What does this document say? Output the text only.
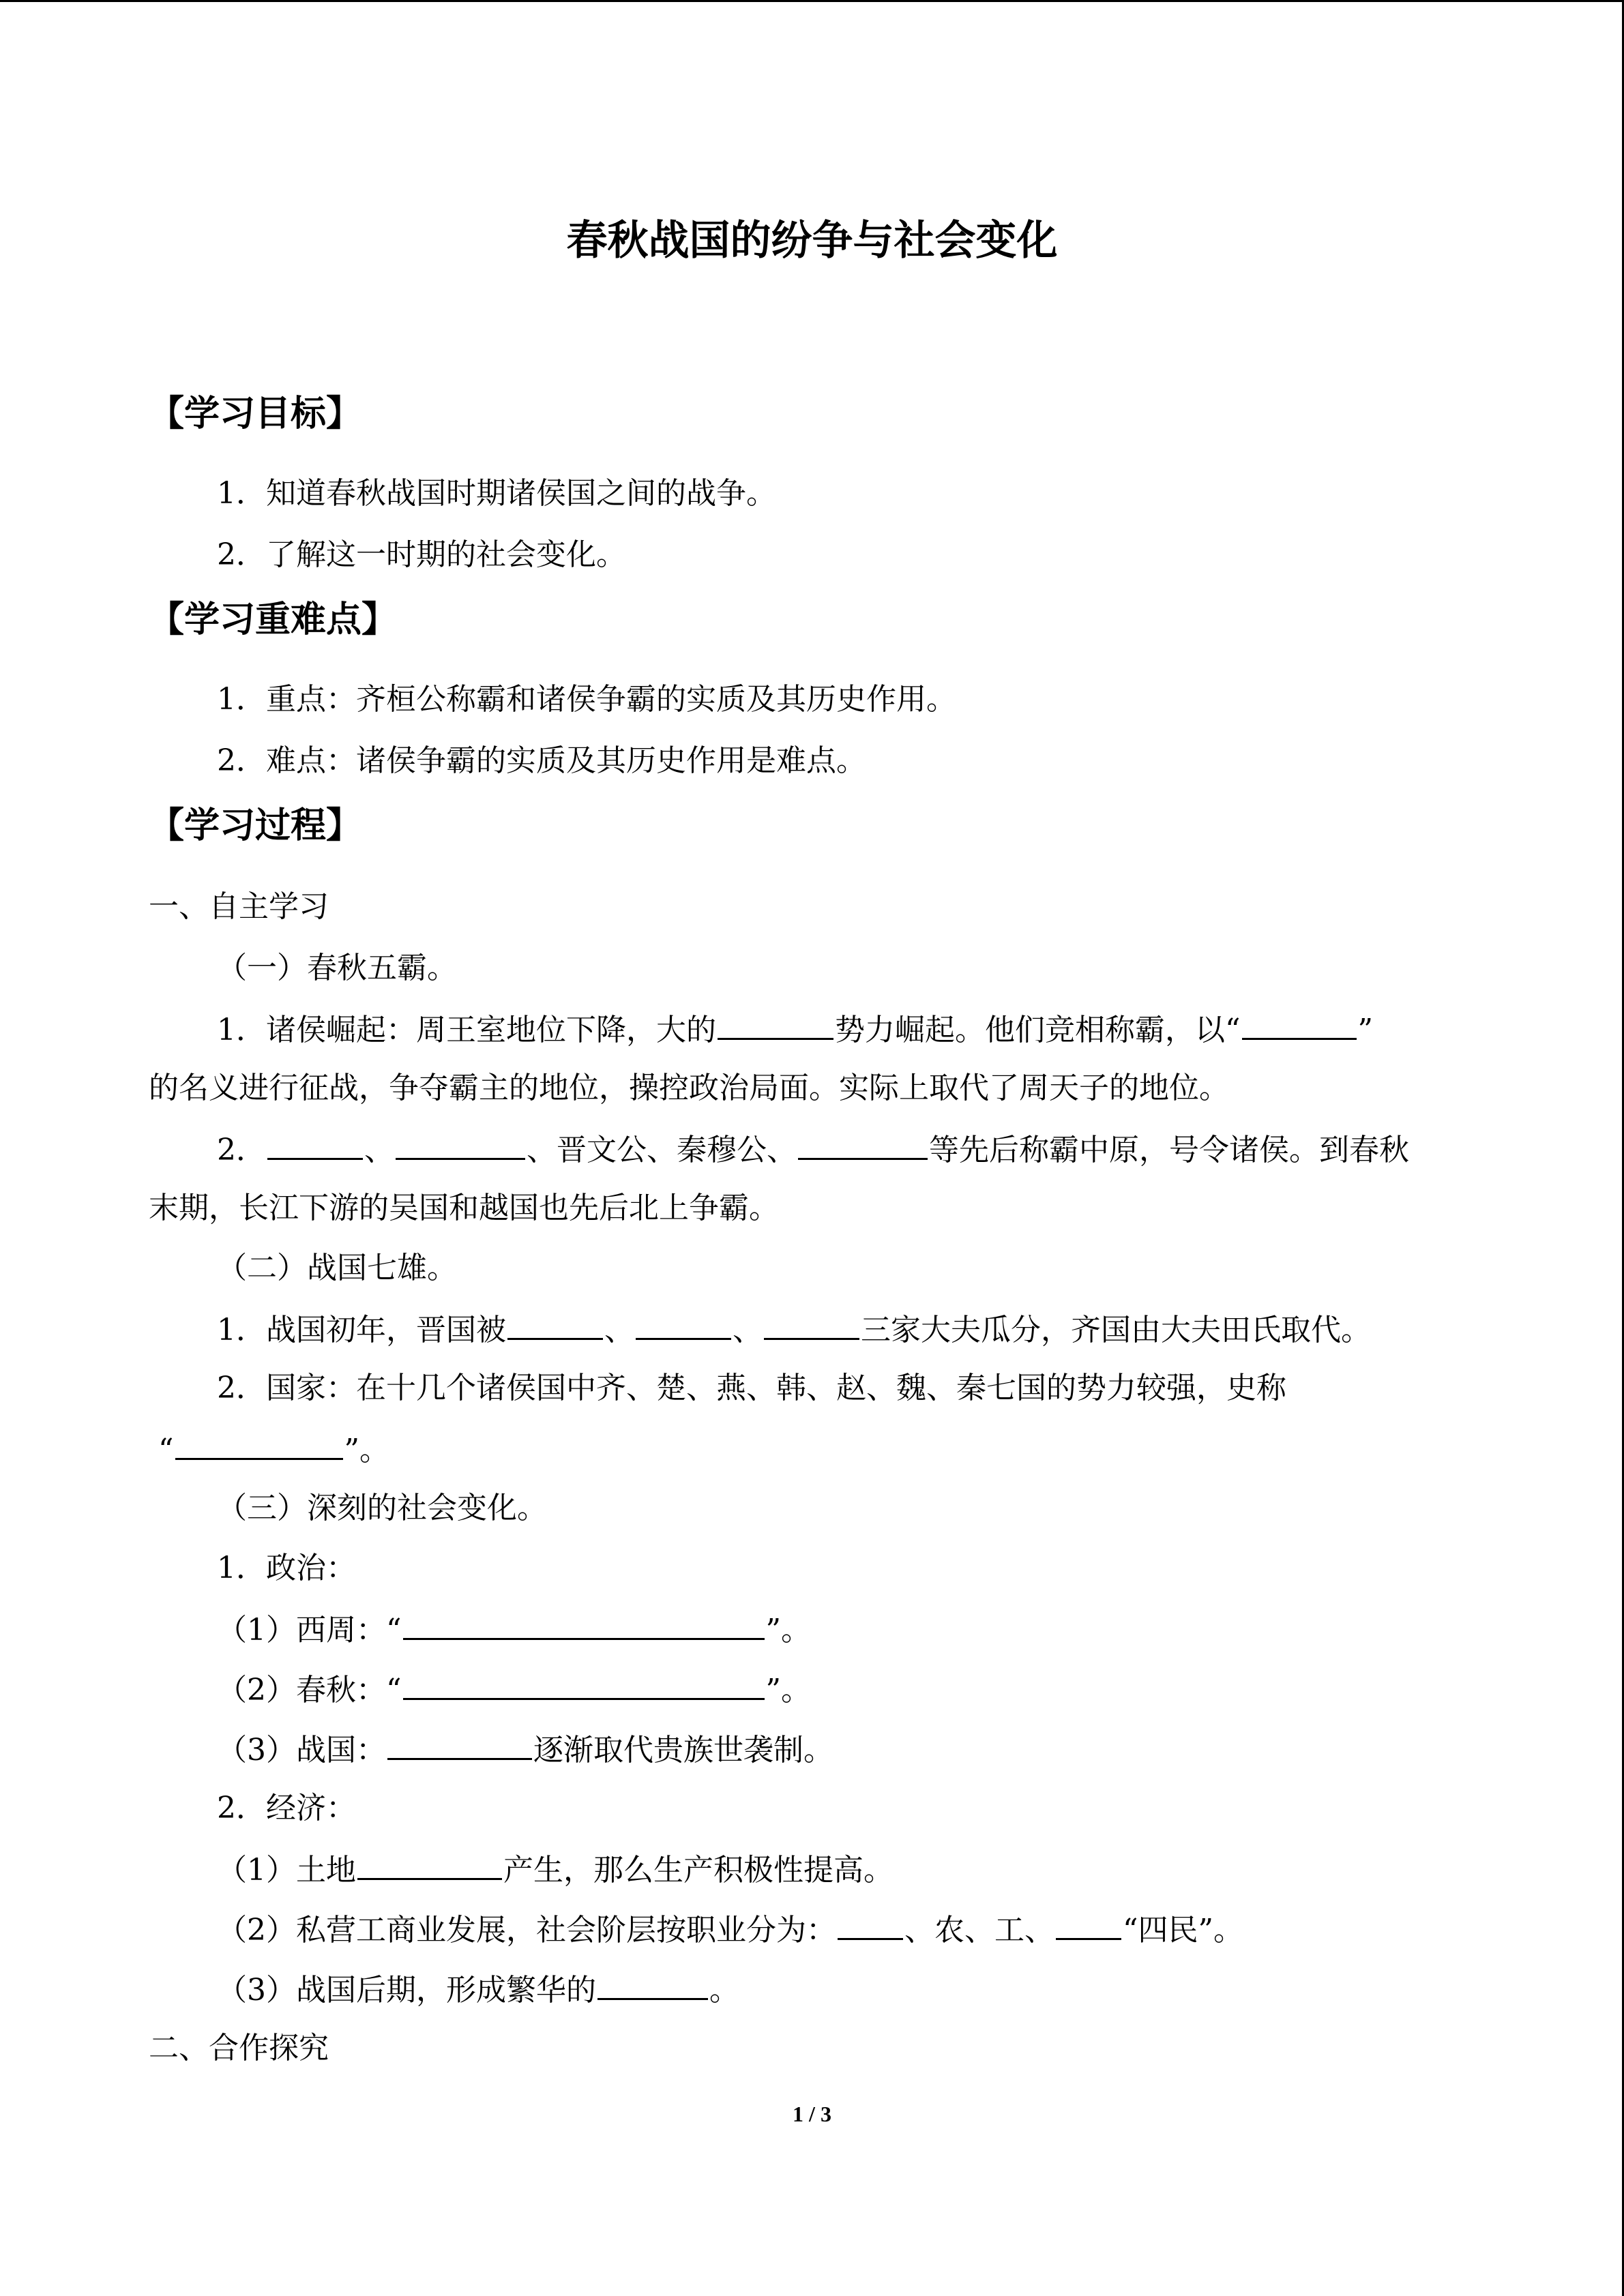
春秋战国的纷争与社会变化
【学习目标】
1．知道春秋战国时期诸侯国之间的战争。
2．了解这一时期的社会变化。
【学习重难点】
1．重点：齐桓公称霸和诸侯争霸的实质及其历史作用。
2．难点：诸侯争霸的实质及其历史作用是难点。
【学习过程】
一、自主学习
（一）春秋五霸。
1．诸侯崛起：周王室地位下降，大的	势力崛起。他们竞相称霸，以“	”
的名义进行征战，争夺霸主的地位，操控政治局面。实际上取代了周天子的地位。
2．	、	、晋文公、秦穆公、	等先后称霸中原，号令诸侯。到春秋
末期，长江下游的吴国和越国也先后北上争霸。
（二）战国七雄。
1．战国初年，晋国被	、	、	三家大夫瓜分，齐国由大夫田氏取代。
2．国家：在十几个诸侯国中齐、楚、燕、韩、赵、魏、秦七国的势力较强，史称
“	”。
（三）深刻的社会变化。
1．政治：
（1）西周：“	”。
（2）春秋：“	”。
（3）战国：	逐渐取代贵族世袭制。
2．经济：
（1）土地	产生，那么生产积极性提高。
（2）私营工商业发展，社会阶层按职业分为： 、农、工、 “四民”。
（3）战国后期，形成繁华的	。
二、合作探究
1 / 3
